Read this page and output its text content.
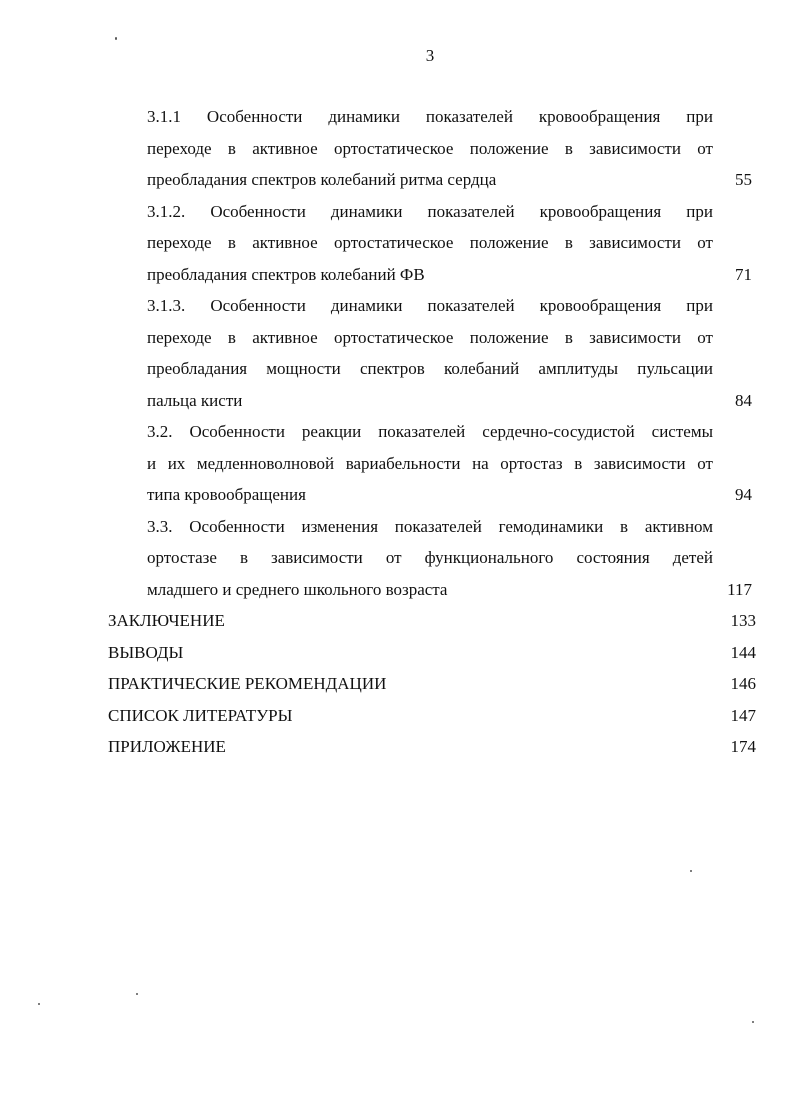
3
3.1.1 Особенности динамики показателей кровообращения при
переходе в активное ортостатическое положение в зависимости от
преобладания спектров колебаний ритма сердца	55
3.1.2. Особенности динамики показателей кровообращения при
переходе в активное ортостатическое положение в зависимости от
преобладания спектров колебаний ФВ	71
3.1.3. Особенности динамики показателей кровообращения при
переходе в активное ортостатическое положение в зависимости от
преобладания мощности спектров колебаний амплитуды пульсации
пальца кисти	84
3.2. Особенности реакции показателей сердечно-сосудистой системы
и их медленноволновой вариабельности на ортостаз в зависимости от
типа кровообращения	94
3.3. Особенности изменения показателей гемодинамики в активном
ортостазе в зависимости от функционального состояния детей
младшего и среднего школьного возраста	117
ЗАКЛЮЧЕНИЕ	133
ВЫВОДЫ	144
ПРАКТИЧЕСКИЕ РЕКОМЕНДАЦИИ	146
СПИСОК ЛИТЕРАТУРЫ	147
ПРИЛОЖЕНИЕ	174
